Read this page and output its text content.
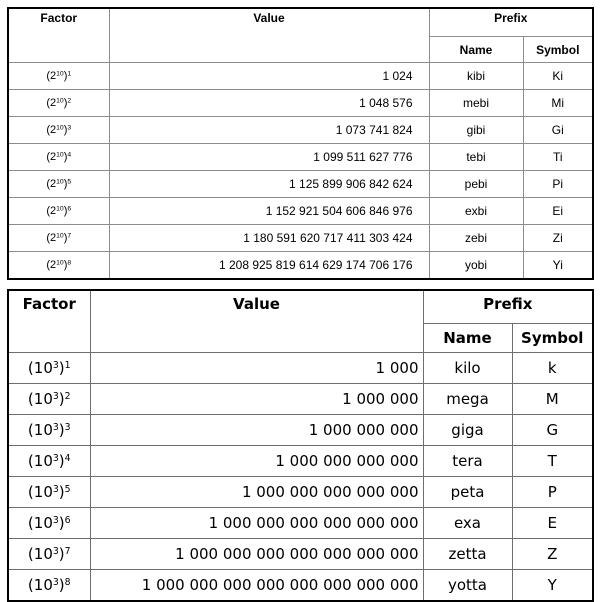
Factor	Value	Prefix	
		Name	Symbol
$(2^{10})^1$	1 024	kibi	Ki
$(2^{10})^2$	1 048 576	mebi	Mi
$(2^{10})^3$	1 073 741 824	gibi	Gi
$(2^{10})^4$	1 099 511 627 776	tebi	Ti
$(2^{10})^5$	1 125 899 906 842 624	pebi	Pi
$(2^{10})^6$	1 152 921 504 606 846 976	exbi	Ei
$(2^{10})^7$	1 180 591 620 717 411 303 424	zebi	Zi
$(2^{10})^8$	1 208 925 819 614 629 174 706 176	yobi	Yi
Factor	Value	Prefix	
		Name	Symbol
$(10^3)^1$	1 000	kilo	k
$(10^3)^2$	1 000 000	mega	M
$(10^3)^3$	1 000 000 000	giga	G
$(10^3)^4$	1 000 000 000 000	tera	T
$(10^3)^5$	1 000 000 000 000 000	peta	P
$(10^3)^6$	1 000 000 000 000 000 000	exa	E
$(10^3)^7$	1 000 000 000 000 000 000 000	zetta	Z
$(10^3)^8$	1 000 000 000 000 000 000 000 000	yotta	Y
